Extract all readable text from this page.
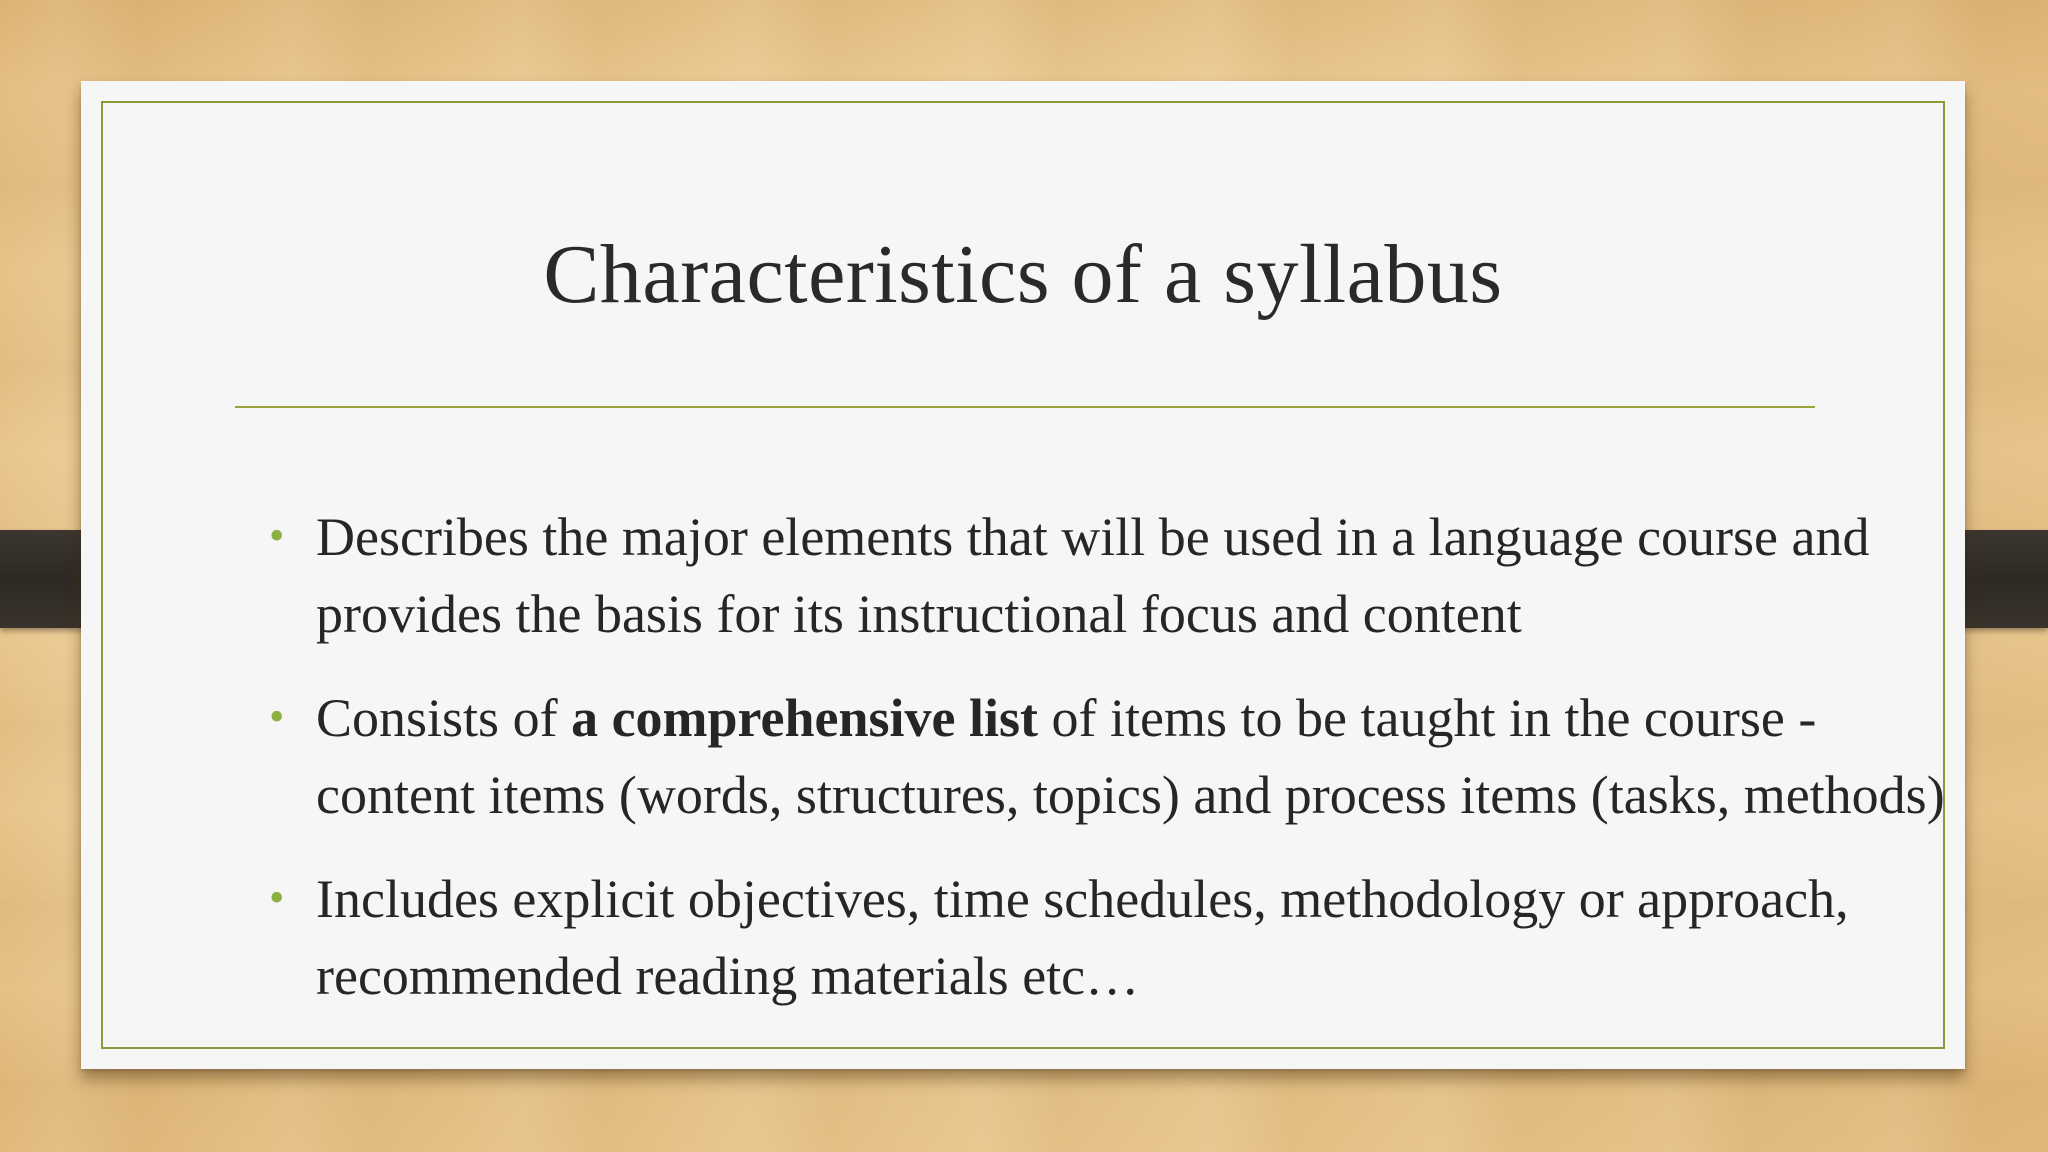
Characteristics of a syllabus
• Describes the major elements that will be used in a language course and provides the basis for its instructional focus and content
• Consists of a comprehensive list of items to be taught in the course - content items (words, structures, topics) and process items (tasks, methods)
• Includes explicit objectives, time schedules, methodology or approach, recommended reading materials etc…
